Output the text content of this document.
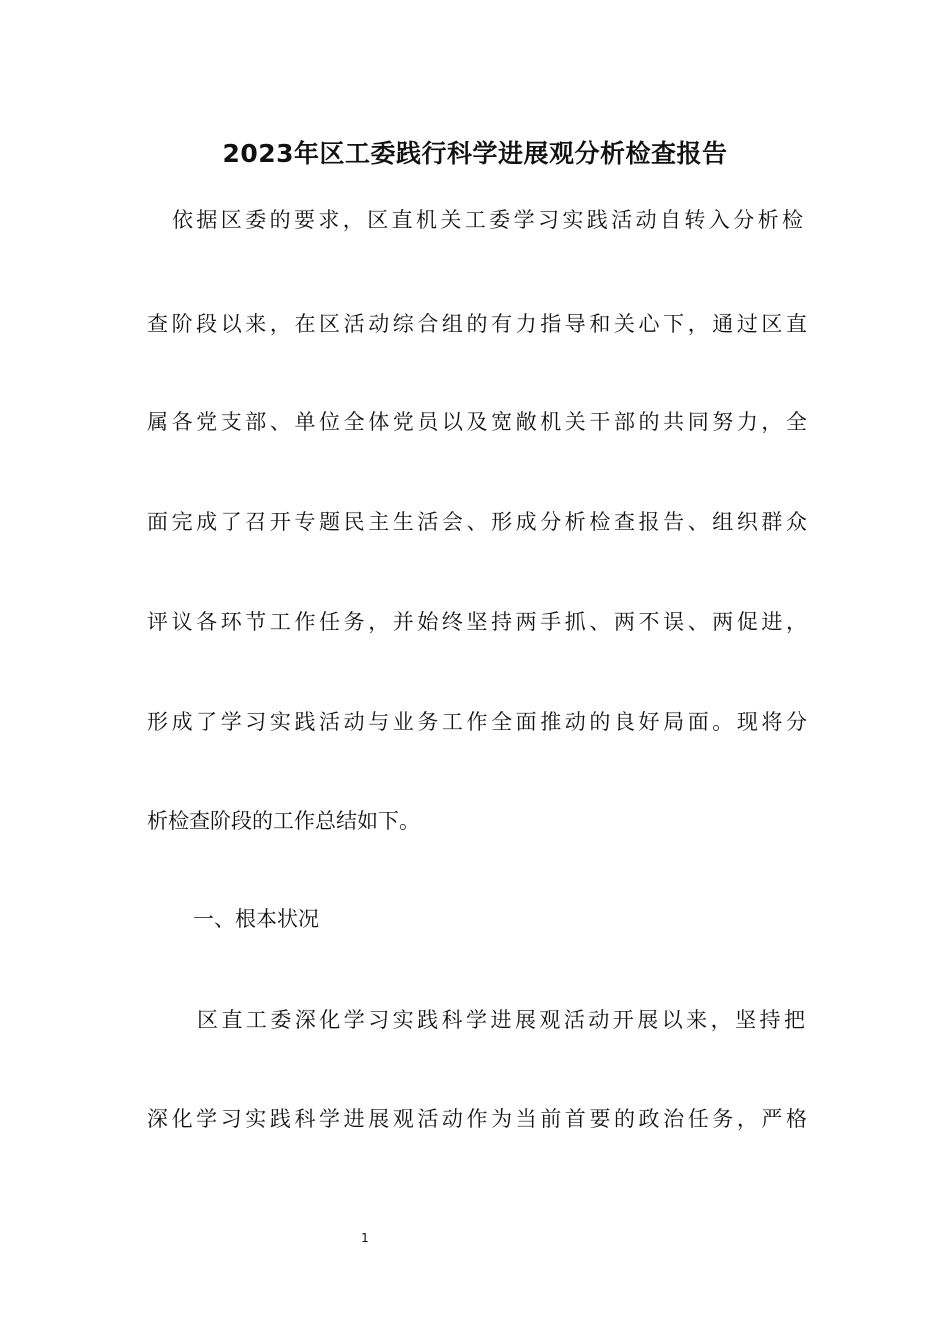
2023年区工委践行科学进展观分析检查报告

依据区委的要求，区直机关工委学习实践活动自转入分析检

查阶段以来，在区活动综合组的有力指导和关心下，通过区直

属各党支部、单位全体党员以及宽敞机关干部的共同努力，全

面完成了召开专题民主生活会、形成分析检查报告、组织群众

评议各环节工作任务，并始终坚持两手抓、两不误、两促进，

形成了学习实践活动与业务工作全面推动的良好局面。现将分

析检查阶段的工作总结如下。

一、根本状况

区直工委深化学习实践科学进展观活动开展以来，坚持把

深化学习实践科学进展观活动作为当前首要的政治任务，严格

1
